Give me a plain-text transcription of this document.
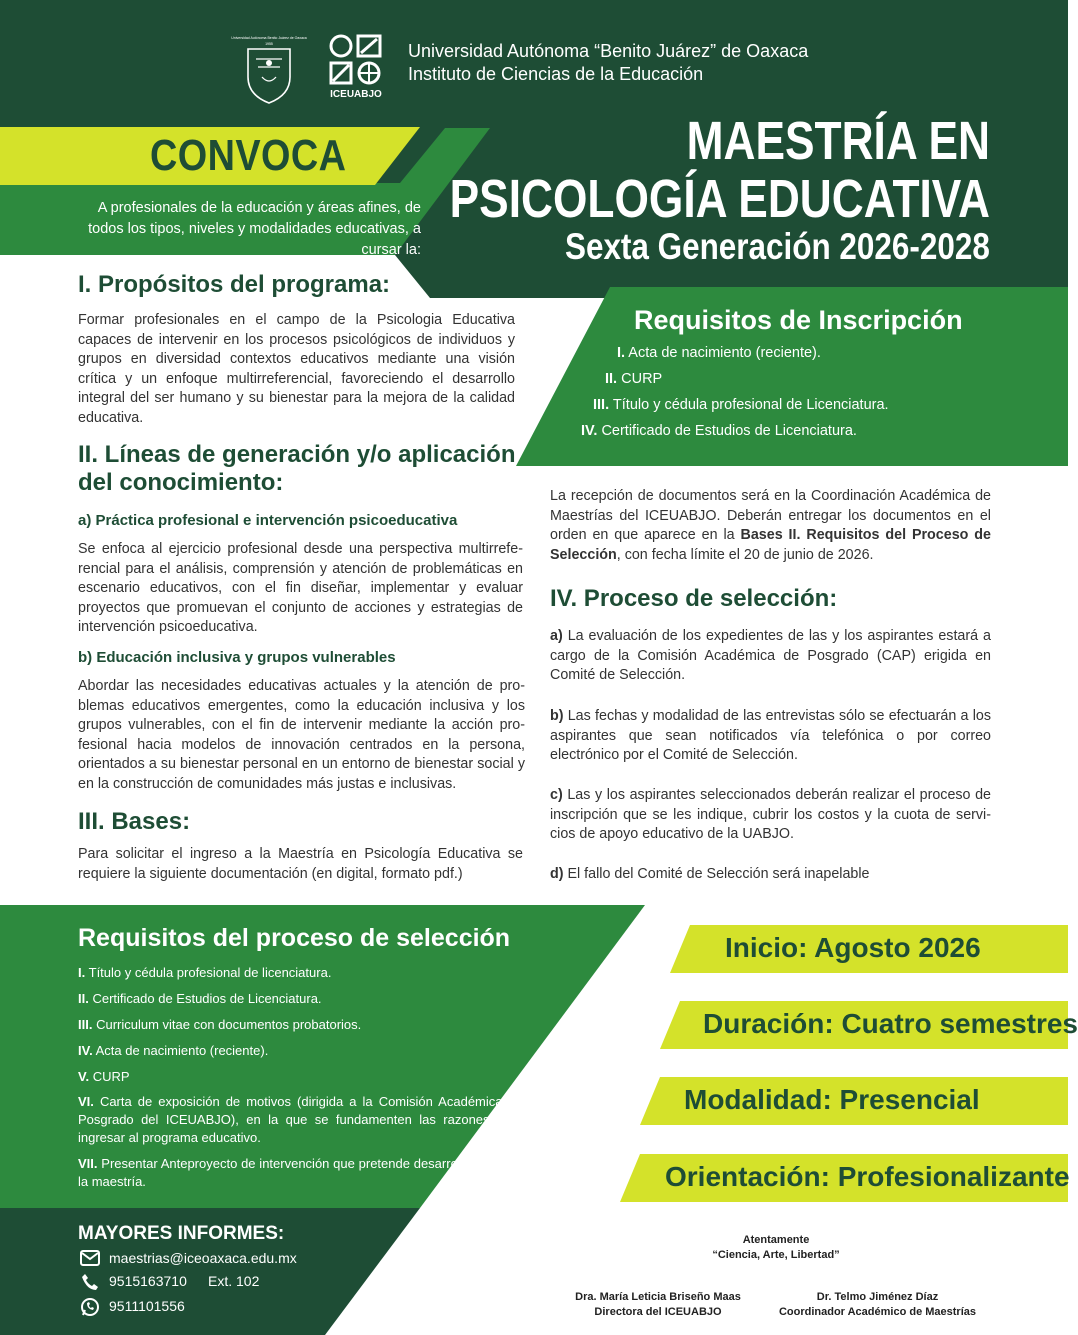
Universidad Autónoma Benito Juárez de Oaxaca
1955
ICEUABJO
Universidad Autónoma “Benito Juárez” de Oaxaca
Instituto de Ciencias de la Educación
CONVOCA
A profesionales de la educación y áreas afines, de todos los tipos, niveles y modalidades educativas, a cursar la:
MAESTRÍA EN
PSICOLOGÍA EDUCATIVA
Sexta Generación 2026-2028
I. Propósitos del programa:
Formar profesionales en el campo de la Psicologia Educativa capaces de intervenir en los procesos psicológicos de individuos y grupos en diversidad contextos educativos mediante una visión crítica y un enfoque multirreferencial, favoreciendo el desarrollo integral del ser humano y su bienestar para la mejora de la calidad educativa.
II. Líneas de generación y/o aplicación del conocimiento:
a) Práctica profesional e intervención psicoeducativa
Se enfoca al ejercicio profesional desde una perspectiva multirrefe-rencial para el análisis, comprensión y atención de problemáticas en escenario educativos, con el fin diseñar, implementar y evaluar proyectos que promuevan el conjunto de acciones y estrategias de intervención psicoeducativa.
b) Educación inclusiva y grupos vulnerables
Abordar las necesidades educativas actuales y la atención de pro-blemas educativos emergentes, como la educación inclusiva y los grupos vulnerables, con el fin de intervenir mediante la acción pro-fesional hacia modelos de innovación centrados en la persona, orientados a su bienestar personal en un entorno de bienestar social y en la construcción de comunidades más justas e inclusivas.
III. Bases:
Para solicitar el ingreso a la Maestría en Psicología Educativa se requiere la siguiente documentación (en digital, formato pdf.)
Requisitos de Inscripción
I. Acta de nacimiento (reciente).
II. CURP
III. Título y cédula profesional de Licenciatura.
IV. Certificado de Estudios de Licenciatura.
La recepción de documentos será en la Coordinación Académica de Maestrías del ICEUABJO. Deberán entregar los documentos en el orden en que aparece en la Bases II. Requisitos del Proceso de Selección, con fecha límite el 20 de junio de 2026.
IV. Proceso de selección:
a) La evaluación de los expedientes de las y los aspirantes estará a cargo de la Comisión Académica de Posgrado (CAP) erigida en Comité de Selección.
b) Las fechas y modalidad de las entrevistas sólo se efectuarán a los aspirantes que sean notificados vía telefónica o por correo electrónico por el Comité de Selección.
c) Las y los aspirantes seleccionados deberán realizar el proceso de inscripción que se les indique, cubrir los costos y la cuota de servi-cios de apoyo educativo de la UABJO.
d) El fallo del Comité de Selección será inapelable
Requisitos del proceso de selección
I. Título y cédula profesional de licenciatura.
II. Certificado de Estudios de Licenciatura.
III. Curriculum vitae con documentos probatorios.
IV. Acta de nacimiento (reciente).
V. CURP
VI. Carta de exposición de motivos (dirigida a la Comisión Académica de Posgrado del ICEUABJO), en la que se fundamenten las razones para ingresar al programa educativo.
VII. Presentar Anteproyecto de intervención que pretende desarrollar durante la maestría.
MAYORES INFORMES:
maestrias@iceoaxaca.edu.mx
9515163710 Ext. 102
9511101556
Inicio: Agosto 2026
Duración: Cuatro semestres
Modalidad: Presencial
Orientación: Profesionalizante
Atentamente
“Ciencia, Arte, Libertad”
Dra. María Leticia Briseño Maas
Directora del ICEUABJO
Dr. Telmo Jiménez Díaz
Coordinador Académico de Maestrías
